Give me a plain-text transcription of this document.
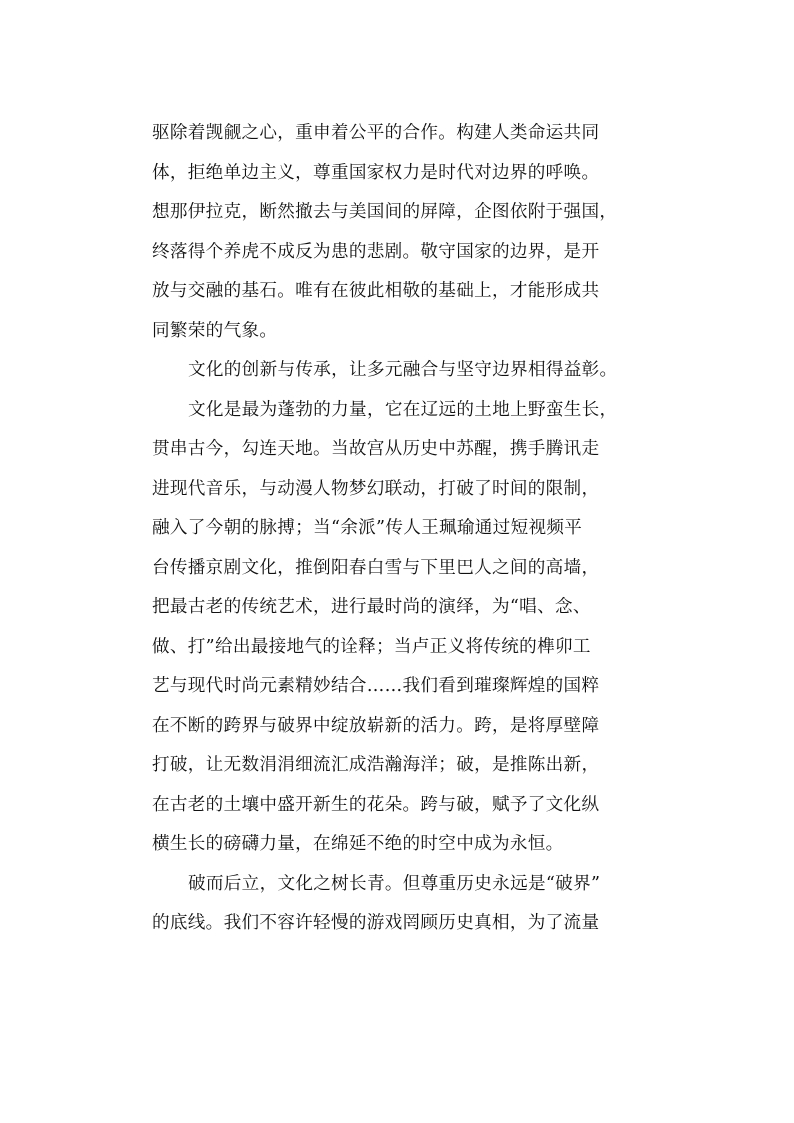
驱除着觊觎之心，重申着公平的合作。构建人类命运共同
体，拒绝单边主义，尊重国家权力是时代对边界的呼唤。
想那伊拉克，断然撤去与美国间的屏障，企图依附于强国，
终落得个养虎不成反为患的悲剧。敬守国家的边界，是开
放与交融的基石。唯有在彼此相敬的基础上，才能形成共
同繁荣的气象。
文化的创新与传承，让多元融合与坚守边界相得益彰。
文化是最为蓬勃的力量，它在辽远的土地上野蛮生长，
贯串古今，勾连天地。当故宫从历史中苏醒，携手腾讯走
进现代音乐，与动漫人物梦幻联动，打破了时间的限制，
融入了今朝的脉搏；当“余派”传人王珮瑜通过短视频平
台传播京剧文化，推倒阳春白雪与下里巴人之间的高墙，
把最古老的传统艺术，进行最时尚的演绎，为“唱、念、
做、打”给出最接地气的诠释；当卢正义将传统的榫卯工
艺与现代时尚元素精妙结合……我们看到璀璨辉煌的国粹
在不断的跨界与破界中绽放崭新的活力。跨，是将厚壁障
打破，让无数涓涓细流汇成浩瀚海洋；破，是推陈出新，
在古老的土壤中盛开新生的花朵。跨与破，赋予了文化纵
横生长的磅礴力量，在绵延不绝的时空中成为永恒。
破而后立，文化之树长青。但尊重历史永远是“破界”
的底线。我们不容许轻慢的游戏罔顾历史真相，为了流量
